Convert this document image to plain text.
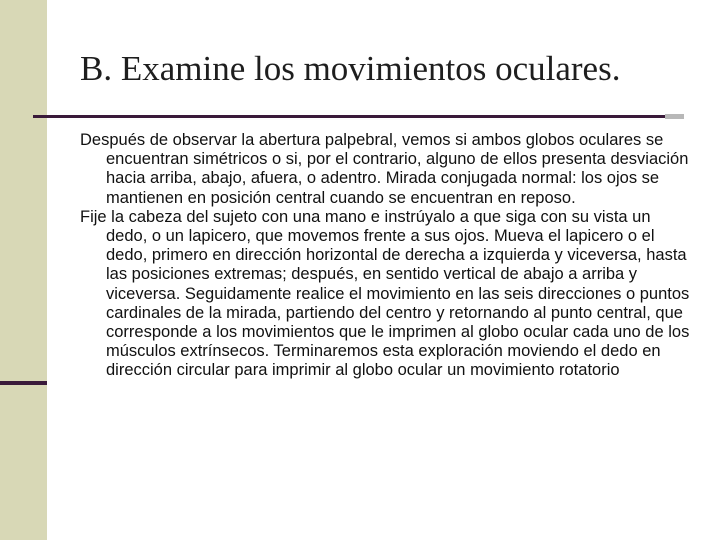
B. Examine los movimientos oculares.

Después de observar la abertura palpebral, vemos si ambos globos oculares se encuentran simétricos o si, por el contrario, alguno de ellos presenta desviación hacia arriba, abajo, afuera, o adentro. Mirada conjugada normal: los ojos se mantienen en posición central cuando se encuentran en reposo.

Fije la cabeza del sujeto con una mano e instrúyalo a que siga con su vista un dedo, o un lapicero, que movemos frente a sus ojos. Mueva el lapicero o el dedo, primero en dirección horizontal de derecha a izquierda y viceversa, hasta las posiciones extremas; después, en sentido vertical de abajo a arriba y viceversa. Seguidamente realice el movimiento en las seis direcciones o puntos cardinales de la mirada, partiendo del centro y retornando al punto central, que corresponde a los movimientos que le imprimen al globo ocular cada uno de los músculos extrínsecos. Terminaremos esta exploración moviendo el dedo en dirección circular para imprimir al globo ocular un movimiento rotatorio
